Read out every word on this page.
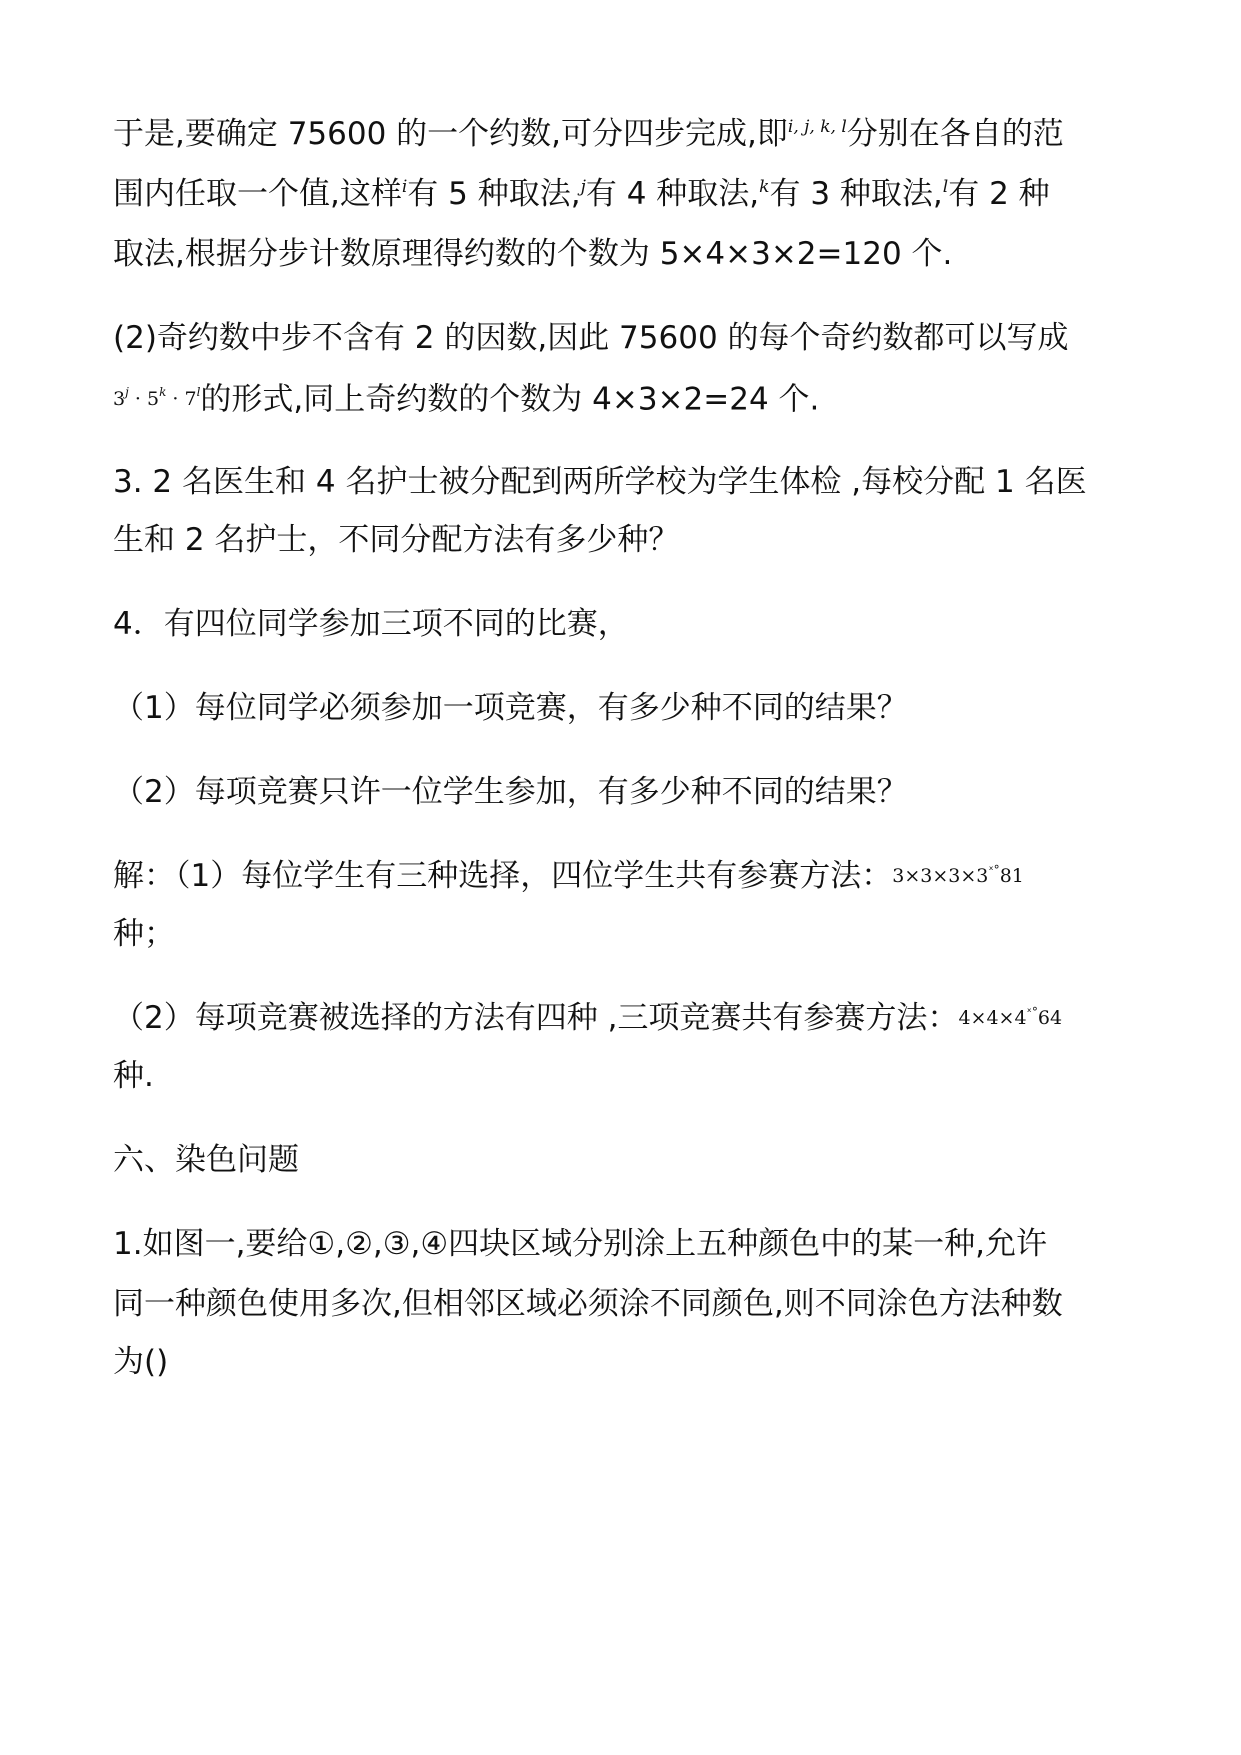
于是,要确定 75600 的一个约数,可分四步完成,即$^{i, j, k, l}$分别在各自的范
围内任取一个值,这样$^i$有 5 种取法,$^j$有 4 种取法,$^k$有 3 种取法,$^l$有 2 种
取法,根据分步计数原理得约数的个数为 5×4×3×2=120 个.
(2)奇约数中步不含有 2 的因数,因此 75600 的每个奇约数都可以写成
$3^j \cdot 5^k \cdot 7^l$的形式,同上奇约数的个数为 4×3×2=24 个.
3. 2 名医生和 4 名护士被分配到两所学校为学生体检 ,每校分配 1 名医
生和 2 名护士，不同分配方法有多少种？
4．有四位同学参加三项不同的比赛，
（1）每位同学必须参加一项竞赛，有多少种不同的结果？
（2）每项竞赛只许一位学生参加，有多少种不同的结果？
解：（1）每位学生有三种选择，四位学生共有参赛方法：$3\times 3\times 3\times 3^{ˣ^\circ}81$
种；
（2）每项竞赛被选择的方法有四种 ,三项竞赛共有参赛方法：$4\times 4\times 4^{ˣ^\circ}64$
种.
六、染色问题
1.如图一,要给①,②,③,④四块区域分别涂上五种颜色中的某一种,允许
同一种颜色使用多次,但相邻区域必须涂不同颜色,则不同涂色方法种数
为()
